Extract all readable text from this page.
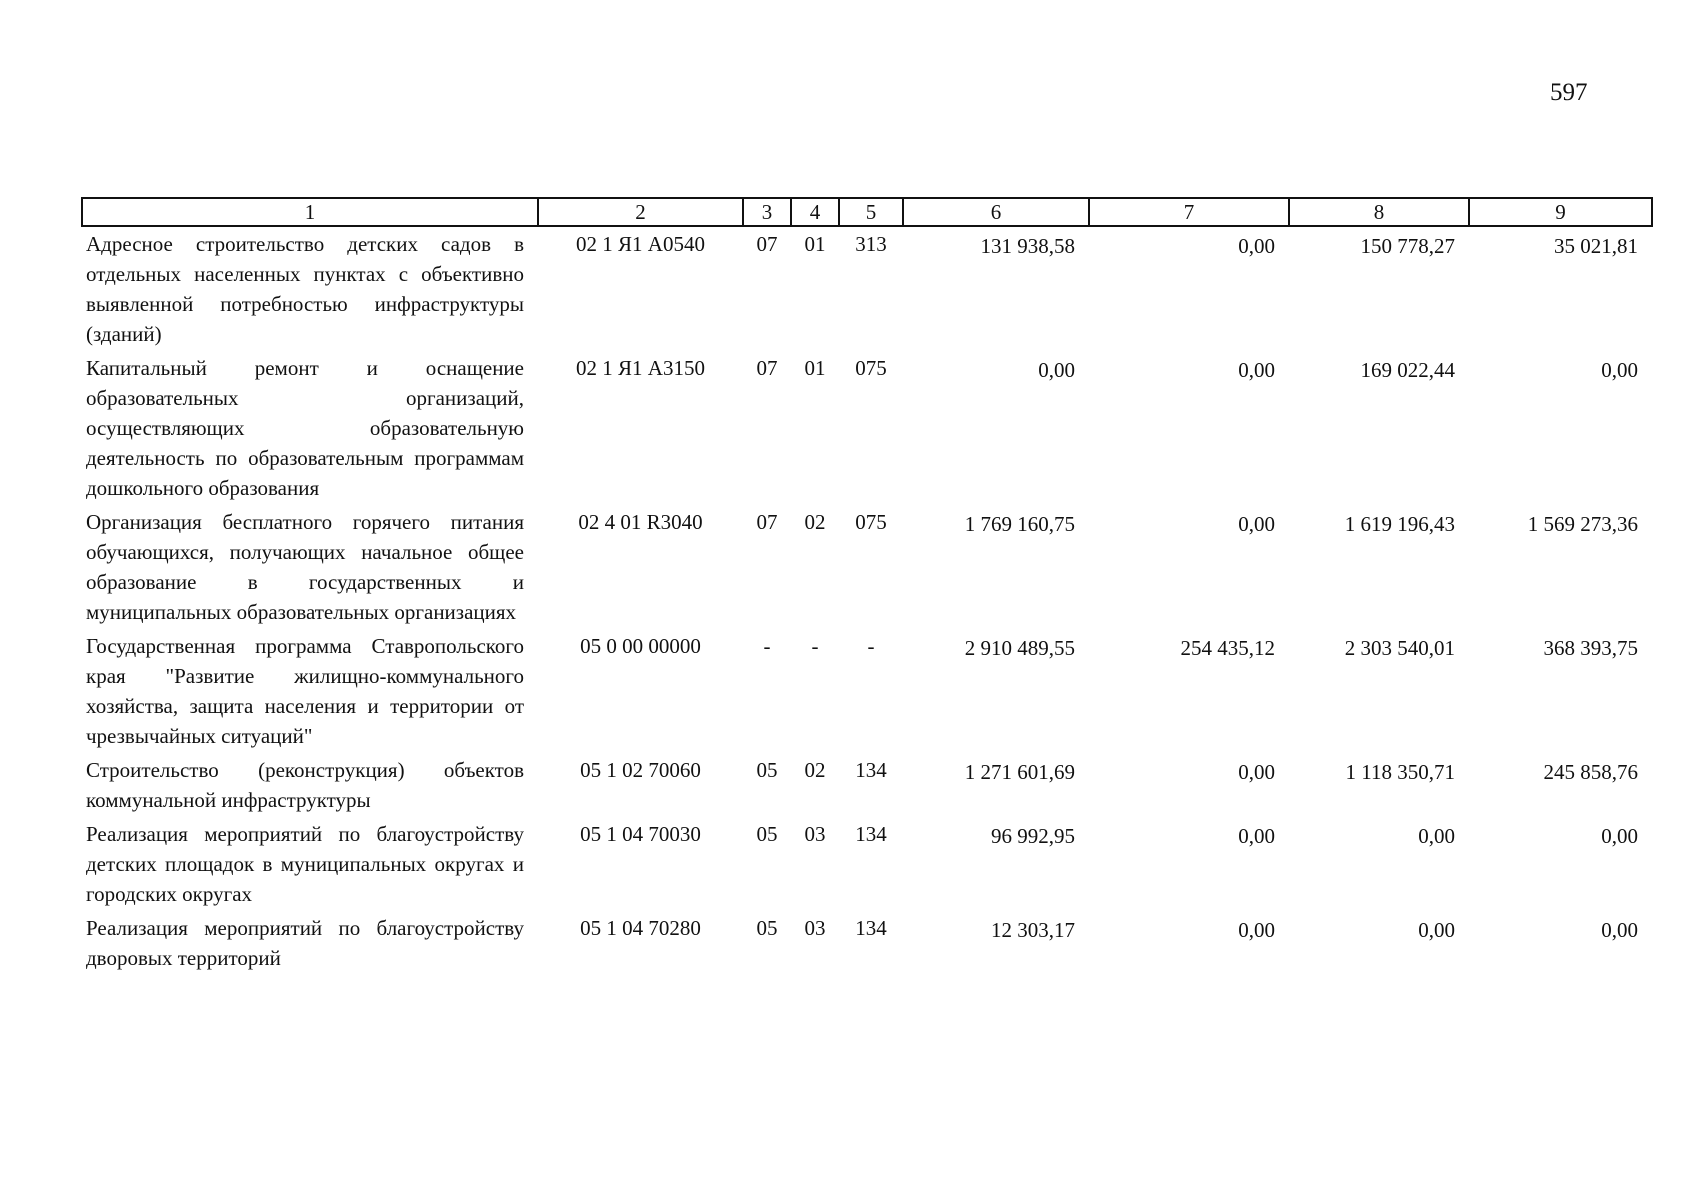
597
1	2	3	4	5	6	7	8	9
Адресное строительство детских садов в отдельных населенных пунктах с объективно выявленной потребностью инфраструктуры (зданий)	02 1 Я1 А0540	07	01	313	131 938,58	0,00	150 778,27	35 021,81
Капитальный ремонт и оснащение образовательных организаций, осуществляющих образовательную деятельность по образовательным программам дошкольного образования	02 1 Я1 А3150	07	01	075	0,00	0,00	169 022,44	0,00
Организация бесплатного горячего питания обучающихся, получающих начальное общее образование в государственных и муниципальных образовательных организациях	02 4 01 R3040	07	02	075	1 769 160,75	0,00	1 619 196,43	1 569 273,36
Государственная программа Ставропольского края "Развитие жилищно-коммунального хозяйства, защита населения и территории от чрезвычайных ситуаций"	05 0 00 00000	-	-	-	2 910 489,55	254 435,12	2 303 540,01	368 393,75
Строительство (реконструкция) объектов коммунальной инфраструктуры	05 1 02 70060	05	02	134	1 271 601,69	0,00	1 118 350,71	245 858,76
Реализация мероприятий по благоустройству детских площадок в муниципальных округах и городских округах	05 1 04 70030	05	03	134	96 992,95	0,00	0,00	0,00
Реализация мероприятий по благоустройству дворовых территорий	05 1 04 70280	05	03	134	12 303,17	0,00	0,00	0,00
